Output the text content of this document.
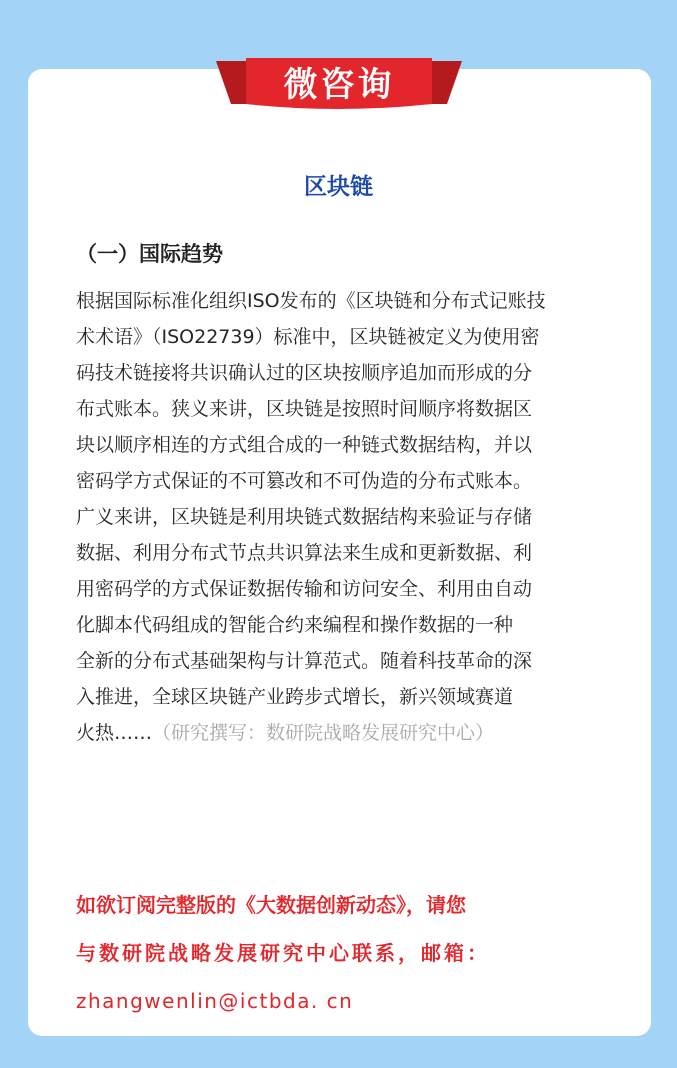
微咨询
区块链
（一）国际趋势
根据国际标准化组织ISO发布的《区块链和分布式记账技
术术语》（ISO22739）标准中，区块链被定义为使用密
码技术链接将共识确认过的区块按顺序追加而形成的分
布式账本。狭义来讲，区块链是按照时间顺序将数据区
块以顺序相连的方式组合成的一种链式数据结构，并以
密码学方式保证的不可篡改和不可伪造的分布式账本。
广义来讲，区块链是利用块链式数据结构来验证与存储
数据、利用分布式节点共识算法来生成和更新数据、利
用密码学的方式保证数据传输和访问安全、利用由自动
化脚本代码组成的智能合约来编程和操作数据的一种
全新的分布式基础架构与计算范式。随着科技革命的深
入推进，全球区块链产业跨步式增长，新兴领域赛道
火热……（研究撰写：数研院战略发展研究中心）
如欲订阅完整版的《大数据创新动态》，请您
与数研院战略发展研究中心联系，邮箱：
zhangwenlin@ictbda. cn
